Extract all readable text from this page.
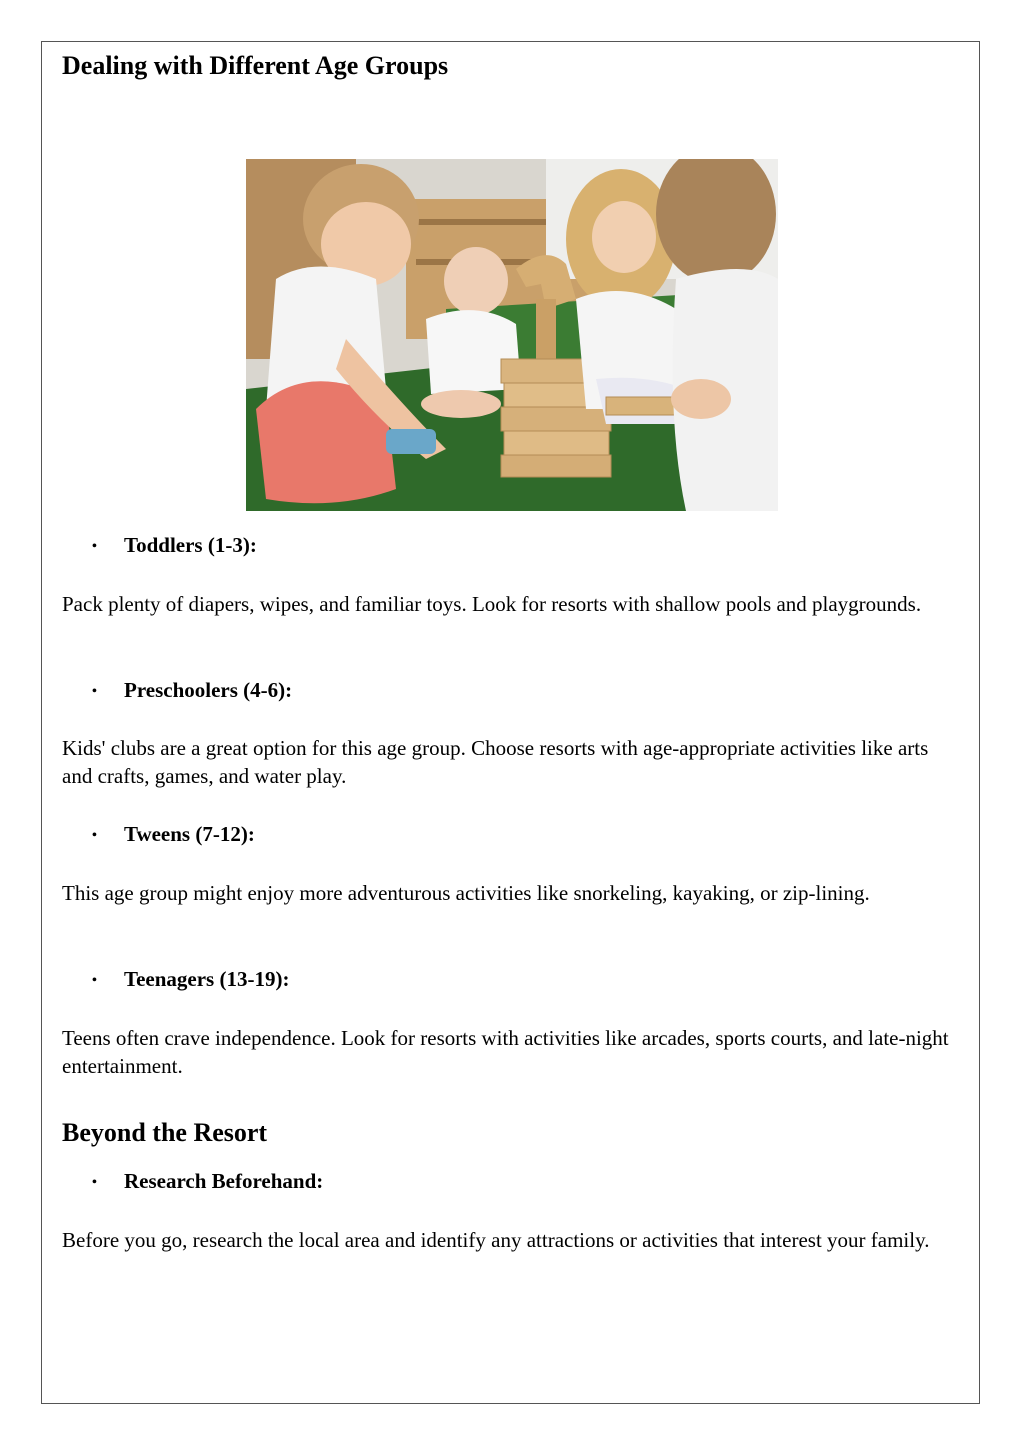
Dealing with Different Age Groups
• Toddlers (1-3):

Pack plenty of diapers, wipes, and familiar toys. Look for resorts with shallow pools and playgrounds.

• Preschoolers (4-6):

Kids' clubs are a great option for this age group. Choose resorts with age-appropriate activities like arts and crafts, games, and water play.

• Tweens (7-12):

This age group might enjoy more adventurous activities like snorkeling, kayaking, or zip-lining.

• Teenagers (13-19):

Teens often crave independence. Look for resorts with activities like arcades, sports courts, and late-night entertainment.

Beyond the Resort
• Research Beforehand:

Before you go, research the local area and identify any attractions or activities that interest your family.
